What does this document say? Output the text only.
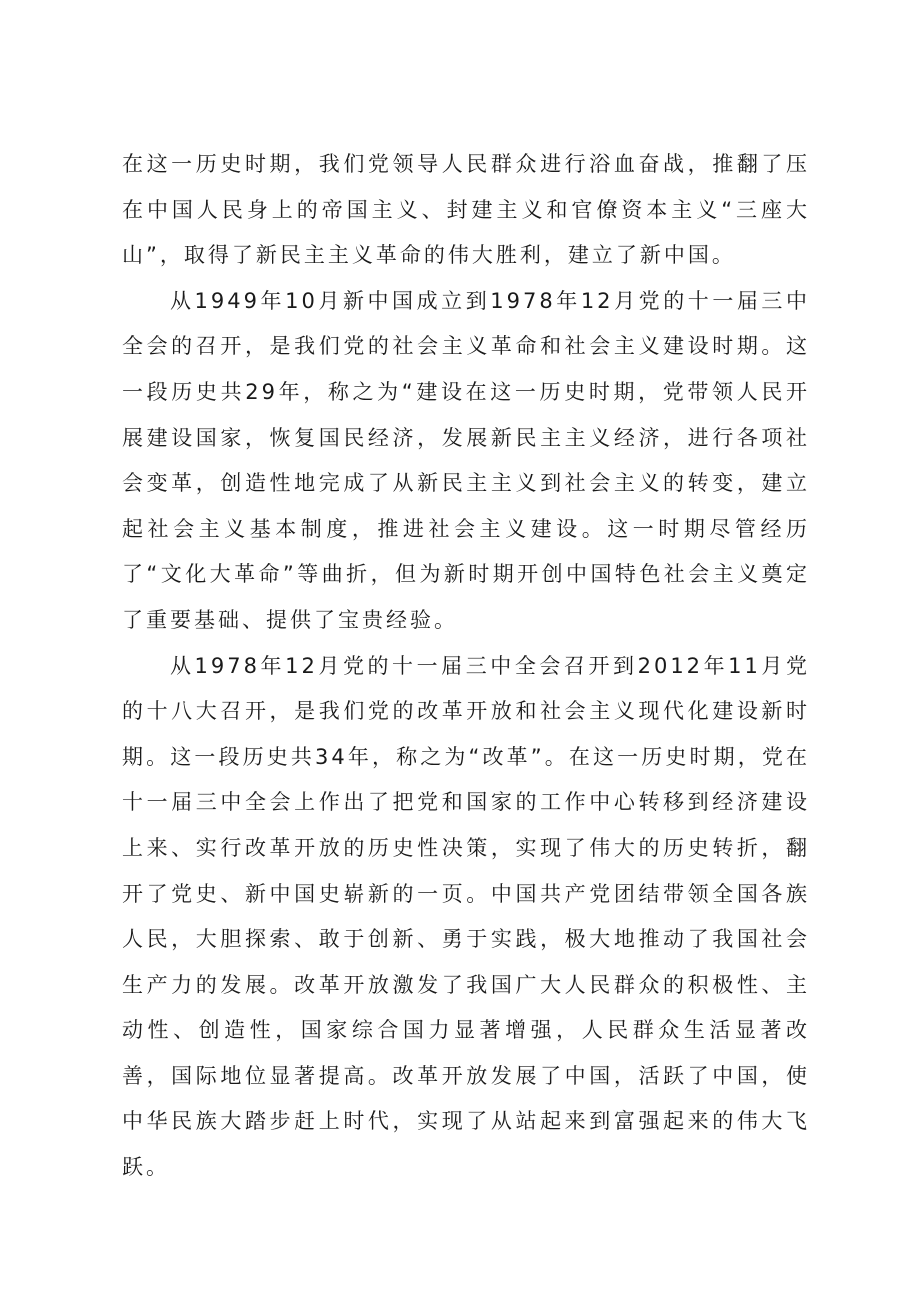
在这一历史时期，我们党领导人民群众进行浴血奋战，推翻了压在中国人民身上的帝国主义、封建主义和官僚资本主义“三座大山”，取得了新民主主义革命的伟大胜利，建立了新中国。

从1949年10月新中国成立到1978年12月党的十一届三中全会的召开，是我们党的社会主义革命和社会主义建设时期。这一段历史共29年，称之为“建设在这一历史时期，党带领人民开展建设国家，恢复国民经济，发展新民主主义经济，进行各项社会变革，创造性地完成了从新民主主义到社会主义的转变，建立起社会主义基本制度，推进社会主义建设。这一时期尽管经历了“文化大革命”等曲折，但为新时期开创中国特色社会主义奠定了重要基础、提供了宝贵经验。

从1978年12月党的十一届三中全会召开到2012年11月党的十八大召开，是我们党的改革开放和社会主义现代化建设新时期。这一段历史共34年，称之为“改革”。在这一历史时期，党在十一届三中全会上作出了把党和国家的工作中心转移到经济建设上来、实行改革开放的历史性决策，实现了伟大的历史转折，翻开了党史、新中国史崭新的一页。中国共产党团结带领全国各族人民，大胆探索、敢于创新、勇于实践，极大地推动了我国社会生产力的发展。改革开放激发了我国广大人民群众的积极性、主动性、创造性，国家综合国力显著增强，人民群众生活显著改善，国际地位显著提高。改革开放发展了中国，活跃了中国，使中华民族大踏步赶上时代，实现了从站起来到富强起来的伟大飞跃。
